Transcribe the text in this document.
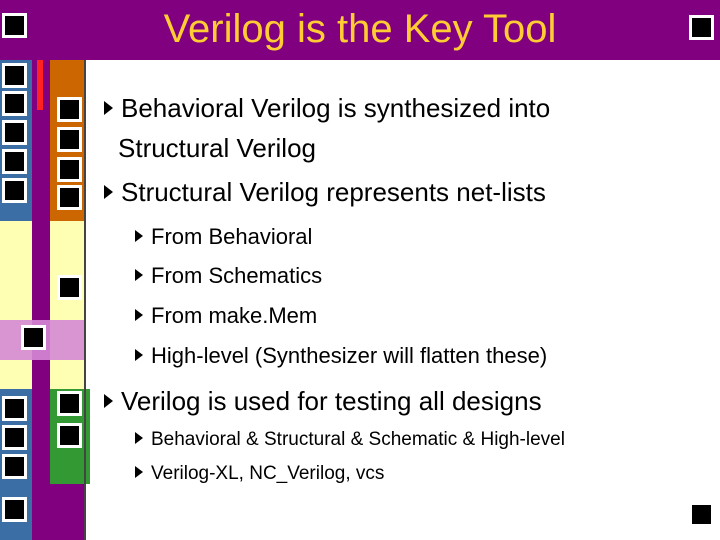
Verilog is the Key Tool
Behavioral Verilog is synthesized into
Structural Verilog
Structural Verilog represents net-lists
From Behavioral
From Schematics
From make.Mem
High-level (Synthesizer will flatten these)
Verilog is used for testing all designs
Behavioral & Structural & Schematic & High-level
Verilog-XL, NC_Verilog, vcs
